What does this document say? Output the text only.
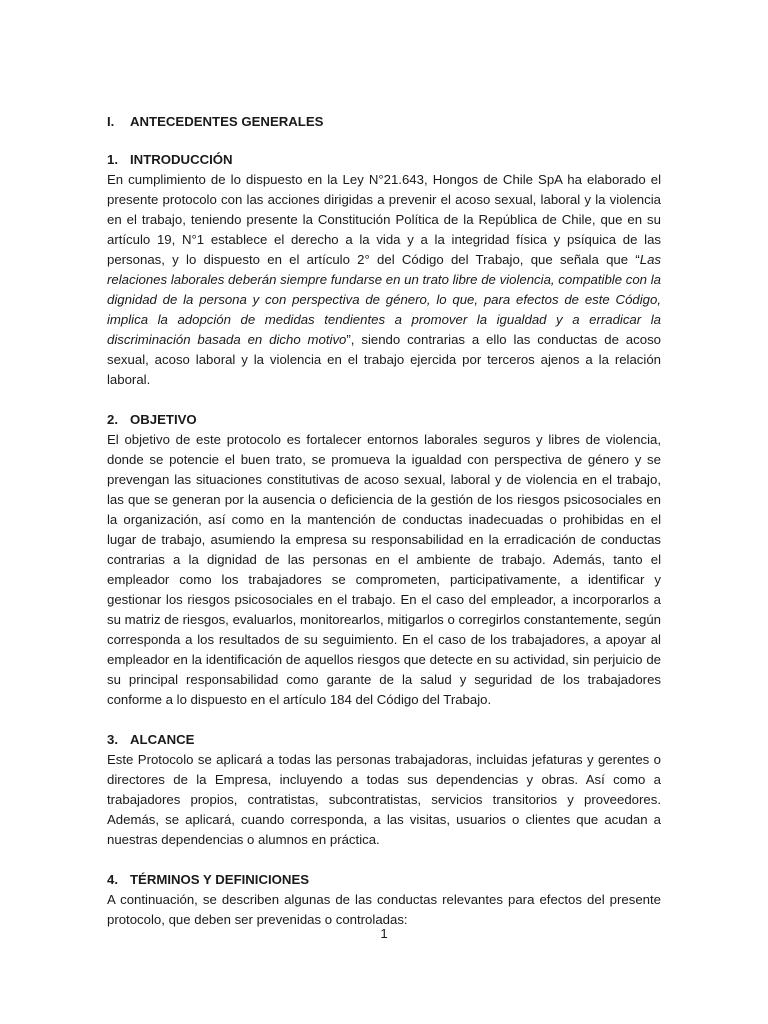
I.	ANTECEDENTES GENERALES

1. INTRODUCCIÓN

En cumplimiento de lo dispuesto en la Ley N°21.643, Hongos de Chile SpA ha elaborado el presente protocolo con las acciones dirigidas a prevenir el acoso sexual, laboral y la violencia en el trabajo, teniendo presente la Constitución Política de la República de Chile, que en su artículo 19, N°1 establece el derecho a la vida y a la integridad física y psíquica de las personas, y lo dispuesto en el artículo 2° del Código del Trabajo, que señala que “Las relaciones laborales deberán siempre fundarse en un trato libre de violencia, compatible con la dignidad de la persona y con perspectiva de género, lo que, para efectos de este Código, implica la adopción de medidas tendientes a promover la igualdad y a erradicar la discriminación basada en dicho motivo”, siendo contrarias a ello las conductas de acoso sexual, acoso laboral y la violencia en el trabajo ejercida por terceros ajenos a la relación laboral.

2. OBJETIVO

El objetivo de este protocolo es fortalecer entornos laborales seguros y libres de violencia, donde se potencie el buen trato, se promueva la igualdad con perspectiva de género y se prevengan las situaciones constitutivas de acoso sexual, laboral y de violencia en el trabajo, las que se generan por la ausencia o deficiencia de la gestión de los riesgos psicosociales en la organización, así como en la mantención de conductas inadecuadas o prohibidas en el lugar de trabajo, asumiendo la empresa su responsabilidad en la erradicación de conductas contrarias a la dignidad de las personas en el ambiente de trabajo. Además, tanto el empleador como los trabajadores se comprometen, participativamente, a identificar y gestionar los riesgos psicosociales en el trabajo. En el caso del empleador, a incorporarlos a su matriz de riesgos, evaluarlos, monitorearlos, mitigarlos o corregirlos constantemente, según corresponda a los resultados de su seguimiento. En el caso de los trabajadores, a apoyar al empleador en la identificación de aquellos riesgos que detecte en su actividad, sin perjuicio de su principal responsabilidad como garante de la salud y seguridad de los trabajadores conforme a lo dispuesto en el artículo 184 del Código del Trabajo.

3. ALCANCE

Este Protocolo se aplicará a todas las personas trabajadoras, incluidas jefaturas y gerentes o directores de la Empresa, incluyendo a todas sus dependencias y obras. Así como a trabajadores propios, contratistas, subcontratistas, servicios transitorios y proveedores. Además, se aplicará, cuando corresponda, a las visitas, usuarios o clientes que acudan a nuestras dependencias o alumnos en práctica.

4. TÉRMINOS Y DEFINICIONES

A continuación, se describen algunas de las conductas relevantes para efectos del presente protocolo, que deben ser prevenidas o controladas:

1
